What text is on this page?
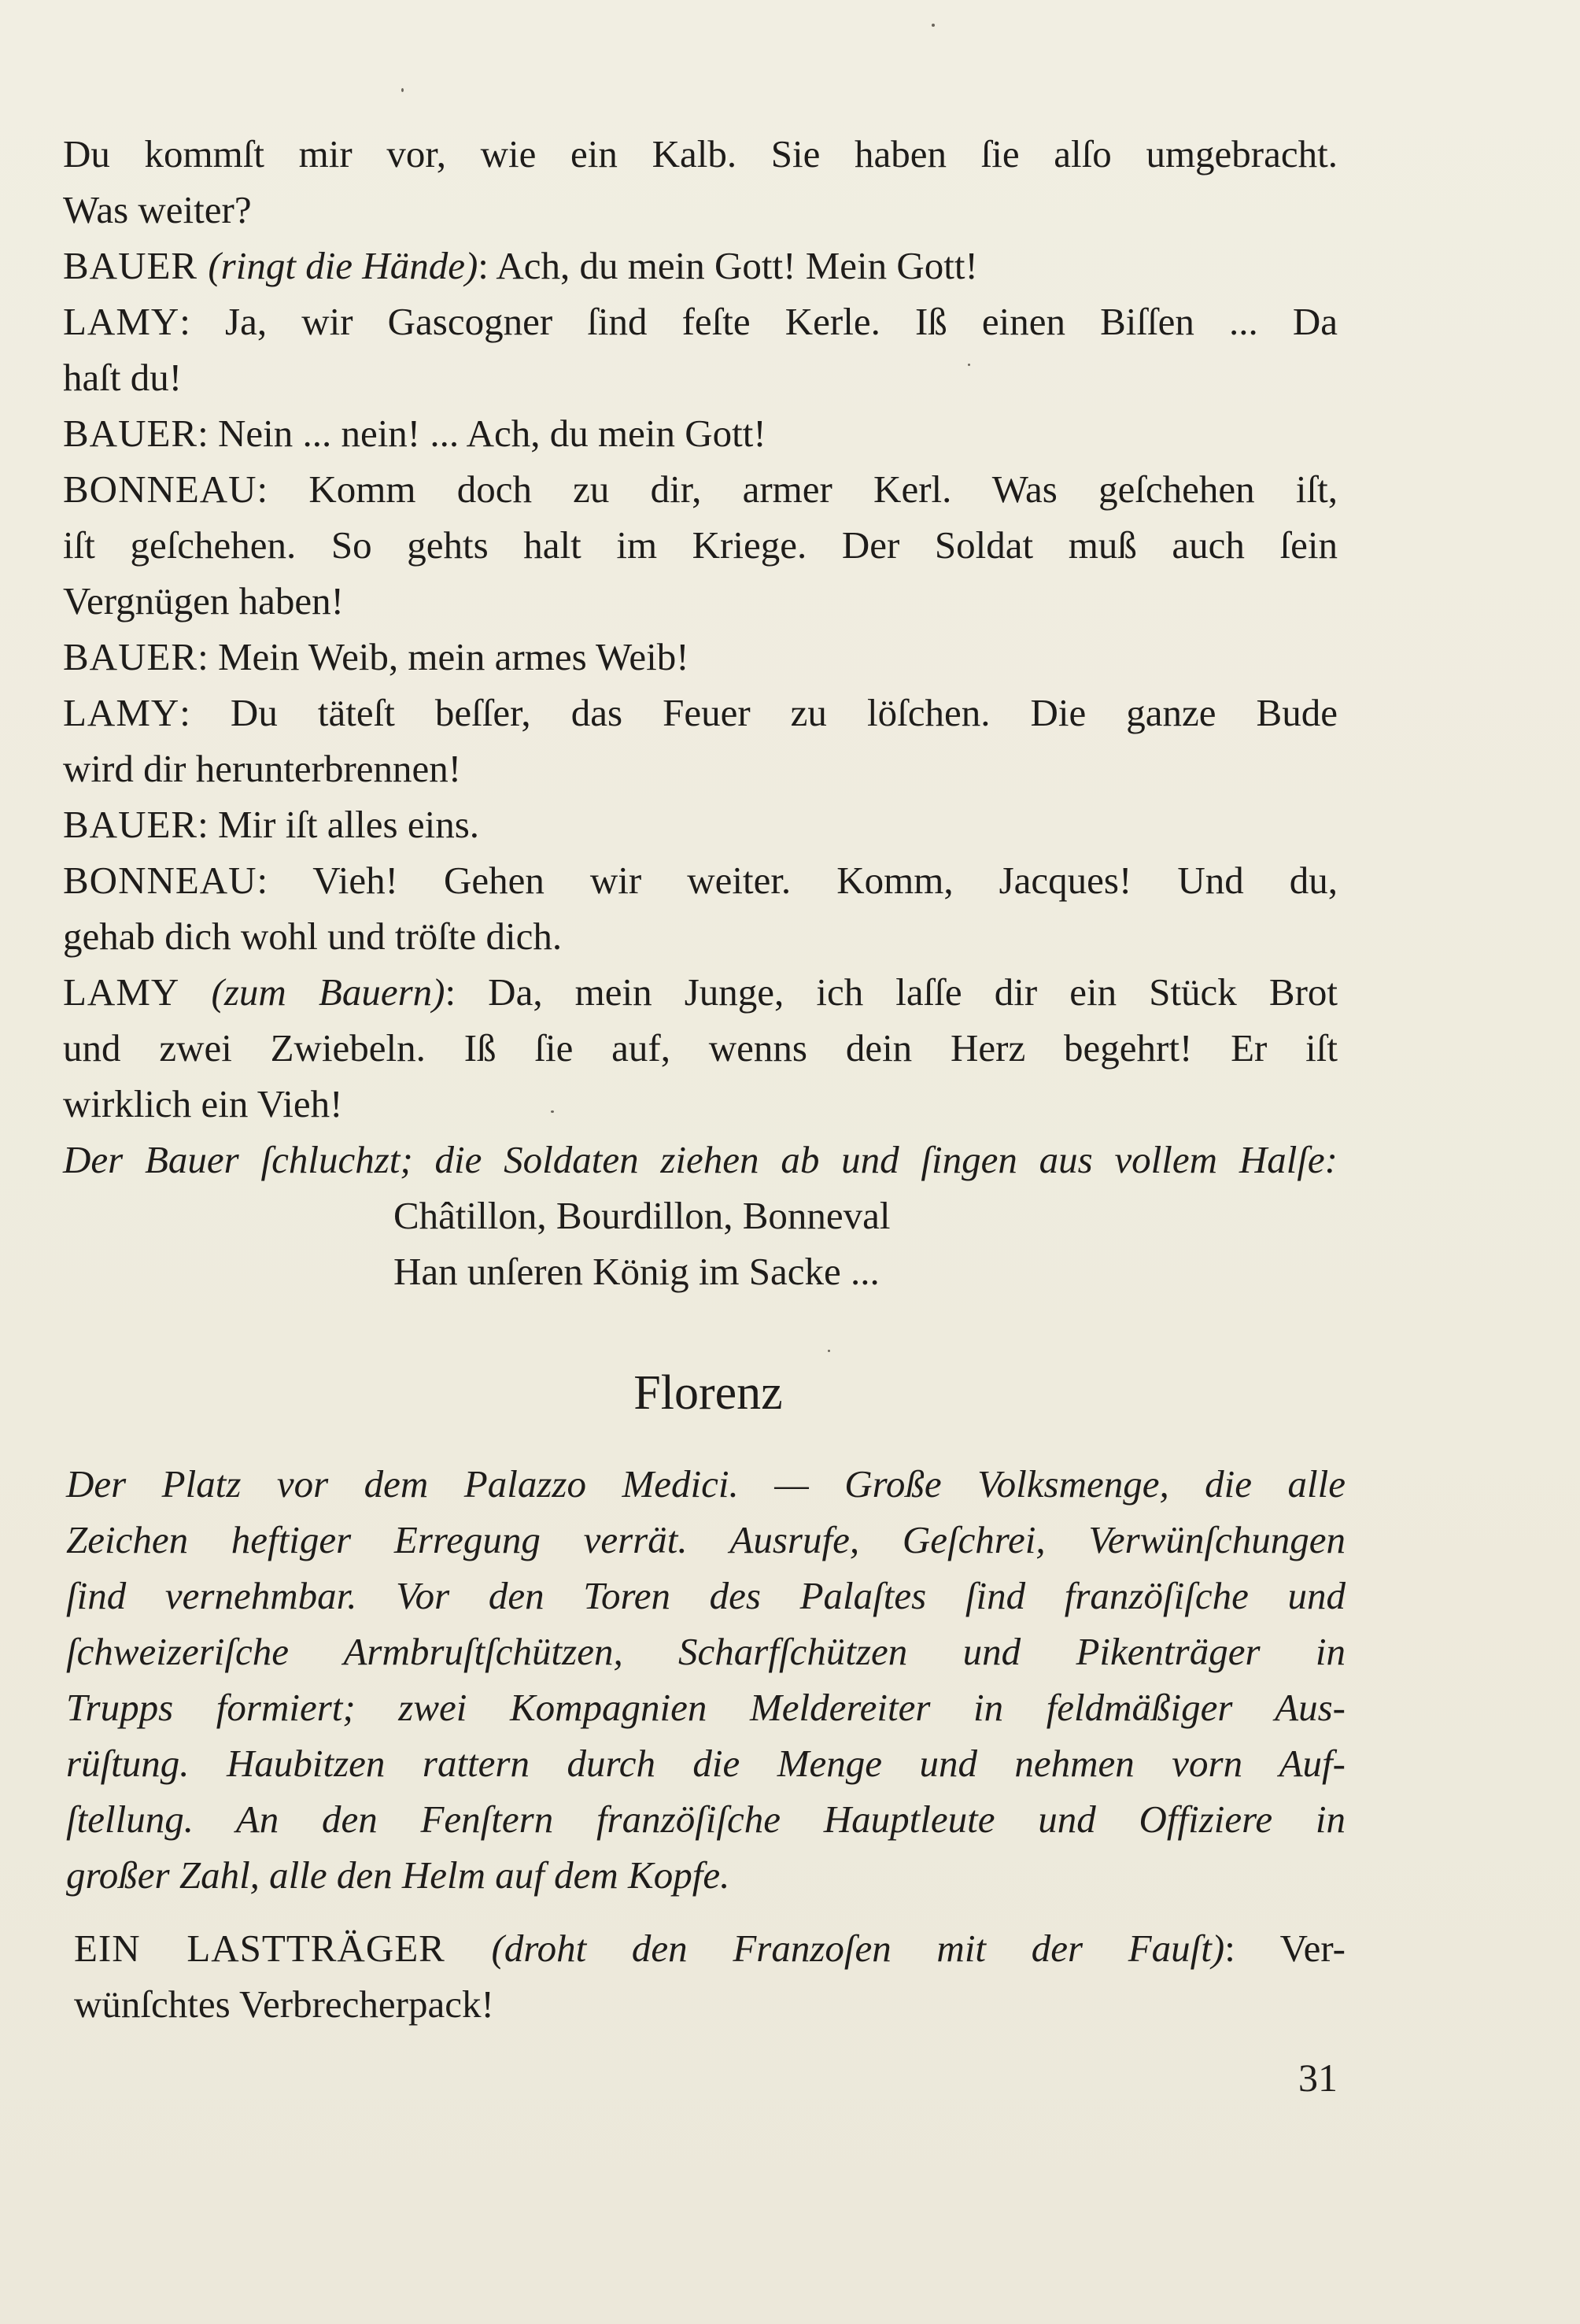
Du kommſt mir vor, wie ein Kalb. Sie haben ſie alſo umgebracht.
Was weiter?
BAUER (ringt die Hände): Ach, du mein Gott! Mein Gott!
LAMY: Ja, wir Gascogner ſind feſte Kerle. Iß einen Biſſen ... Da
haſt du!
BAUER: Nein ... nein! ... Ach, du mein Gott!
BONNEAU: Komm doch zu dir, armer Kerl. Was geſchehen iſt,
iſt geſchehen. So gehts halt im Kriege. Der Soldat muß auch ſein
Vergnügen haben!
BAUER: Mein Weib, mein armes Weib!
LAMY: Du täteſt beſſer, das Feuer zu löſchen. Die ganze Bude
wird dir herunterbrennen!
BAUER: Mir iſt alles eins.
BONNEAU: Vieh! Gehen wir weiter. Komm, Jacques! Und du,
gehab dich wohl und tröſte dich.
LAMY (zum Bauern): Da, mein Junge, ich laſſe dir ein Stück Brot
und zwei Zwiebeln. Iß ſie auf, wenns dein Herz begehrt! Er iſt
wirklich ein Vieh!
Der Bauer ſchluchzt; die Soldaten ziehen ab und ſingen aus vollem Halſe:
Châtillon, Bourdillon, Bonneval
Han unſeren König im Sacke ...
Florenz
Der Platz vor dem Palazzo Medici. — Große Volksmenge, die alle
Zeichen heftiger Erregung verrät. Ausrufe, Geſchrei, Verwünſchungen
ſind vernehmbar. Vor den Toren des Palaſtes ſind franzöſiſche und
ſchweizeriſche Armbruſtſchützen, Scharfſchützen und Pikenträger in
Trupps formiert; zwei Kompagnien Meldereiter in feldmäßiger Aus-
rüſtung. Haubitzen rattern durch die Menge und nehmen vorn Auf-
ſtellung. An den Fenſtern franzöſiſche Hauptleute und Offiziere in
großer Zahl, alle den Helm auf dem Kopfe.
EIN LASTTRÄGER (droht den Franzoſen mit der Fauſt): Ver-
wünſchtes Verbrecherpack!
31
